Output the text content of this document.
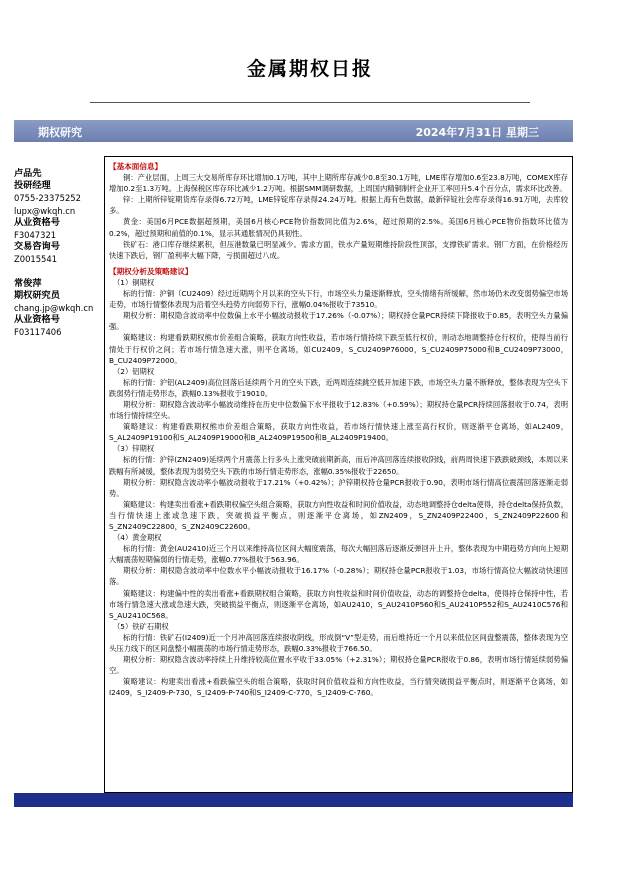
金属期权日报
期权研究	2024年7月31日 星期三
卢品先
投研经理
0755-23375252
lupx@wkqh.cn
从业资格号
F3047321
交易咨询号
Z0015541
常俊萍
期权研究员
chang.jp@wkqh.cn
从业资格号
F03117406
【基本面信息】
铜：产业层面，上周三大交易所库存环比增加0.1万吨，其中上期所库存减少0.8至30.1万吨，LME库存增加0.6至23.8万吨，COMEX库存增加0.2至1.3万吨。上海保税区库存环比减少1.2万吨。根据SMM调研数据，上周国内精铜制杆企业开工率回升5.4个百分点，需求环比改善。
锌：上期所锌锭期货库存录得6.72万吨，LME锌锭库存录得24.24万吨。根据上海有色数据，最新锌锭社会库存录得16.91万吨，去库较多。
黄金：美国6月PCE数据超预期，美国6月核心PCE物价指数同比值为2.6%，超过预期的2.5%。美国6月核心PCE物价指数环比值为0.2%，超过预期和前值的0.1%，显示其通胀情况仍具韧性。
铁矿石：港口库存继续累积，但压港数量已明显减少。需求方面，铁水产量短期维持阶段性顶部，支撑铁矿需求。钢厂方面，在价格经历快速下跌后，钢厂盈利率大幅下降，亏损面超过八成。
【期权分析及策略建议】
（1）铜期权
标的行情：沪铜（CU2409）经过近期两个月以来的空头下行，市场空头力量逐渐释放，空头情绪有所缓解，然市场仍未改变弱势偏空市场走势，市场行情整体表现为沿着空头趋势方向弱势下行，涨幅0.04%报收于73510。
期权分析：期权隐含波动率中位数偏上水平小幅波动报收于17.26%（-0.07%）；期权持仓量PCR持续下降报收于0.85，表明空头力量偏强。
策略建议：构建看跌期权熊市价差组合策略，获取方向性收益，若市场行情持续下跌至低行权价，则动态地调整持仓行权价，使得当前行情处于行权价之间；若市场行情急速大涨，则平仓离场，如CU2409，S_CU2409P76000，S_CU2409P75000和B_CU2409P73000，B_CU2409P72000。
（2）铝期权
标的行情：沪铝(AL2409)高位回落后延续两个月的空头下跌，近两周连续跳空低开加速下跌，市场空头力量不断释放，整体表现为空头下跌弱势行情走势形态，跌幅0.13%报收于19010。
期权分析：期权隐含波动率小幅波动维持在历史中位数偏下水平报收于12.83%（+0.59%）；期权持仓量PCR持续回落报收于0.74，表明市场行情持续空头。
策略建议：构建看跌期权熊市价差组合策略，获取方向性收益，若市场行情快速上涨至高行权价，则逐渐平仓离场，如AL2409，S_AL2409P19100和S_AL2409P19000和B_AL2409P19500和B_AL2409P19400。
（3）锌期权
标的行情：沪锌(ZN2409)延续两个月震荡上行多头上涨突破前期新高，而后冲高回落连续报收阴线，前两周快速下跌跌破颈线，本周以来跌幅有所减缓，整体表现为弱势空头下跌的市场行情走势形态，涨幅0.35%报收于22650。
期权分析：期权隐含波动率小幅波动报收于17.21%（+0.42%）；沪锌期权持仓量PCR报收于0.90，表明市场行情高位震荡回落逐渐走弱势。
策略建议：构建卖出看涨+看跌期权偏空头组合策略，获取方向性收益和时间价值收益，动态地调整持仓delta使得，持仓delta保持负数，当行情快速上涨或急速下跌，突破损益平衡点，则逐渐平仓离场，如ZN2409，S_ZN2409P22400，S_ZN2409P22600和S_ZN2409C22800，S_ZN2409C22600。
（4）黄金期权
标的行情：黄金(AU2410)近三个月以来维持高位区间大幅度震荡，每次大幅回落后逐渐反弹回升上升，整体表现为中期趋势方向向上短期大幅震荡短期偏弱的行情走势，涨幅0.77%报收于563.96。
期权分析：期权隐含波动率中位数水平小幅波动报收于16.17%（-0.28%）；期权持仓量PCR报收于1.03，市场行情高位大幅波动快速回落。
策略建议：构建偏中性的卖出看涨+看跌期权组合策略，获取方向性收益和时间价值收益，动态的调整持仓delta，使得持仓保持中性，若市场行情急速大涨或急速大跌，突破损益平衡点，则逐渐平仓离场，如AU2410，S_AU2410P560和S_AU2410P552和S_AU2410C576和S_AU2410C568。
（5）铁矿石期权
标的行情：铁矿石(I2409)近一个月冲高回落连续报收阴线，形成倒“V”型走势，而后维持近一个月以来低位区间盘整震荡，整体表现为空头压力线下的区间盘整小幅震荡的市场行情走势形态，跌幅0.33%报收于766.50。
期权分析：期权隐含波动率持续上升维持较高位置水平收于33.05%（+2.31%）；期权持仓量PCR报收于0.86，表明市场行情延续弱势偏空。
策略建议：构建卖出看涨+看跌偏空头的组合策略，获取时间价值收益和方向性收益，当行情突破损益平衡点时，则逐渐平仓离场，如I2409，S_I2409-P-730，S_I2409-P-740和S_I2409-C-770，S_I2409-C-760。
